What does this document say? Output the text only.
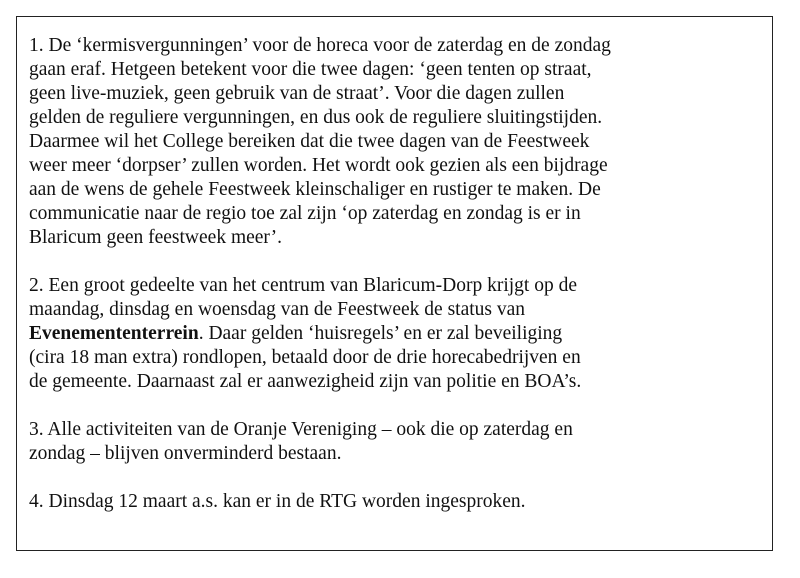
1. De ‘kermisvergunningen’ voor de horeca voor de zaterdag en de zondag
gaan eraf. Hetgeen betekent voor die twee dagen: ‘geen tenten op straat,
geen live-muziek, geen gebruik van de straat’. Voor die dagen zullen
gelden de reguliere vergunningen, en dus ook de reguliere sluitingstijden.
Daarmee wil het College bereiken dat die twee dagen van de Feestweek
weer meer ‘dorpser’ zullen worden. Het wordt ook gezien als een bijdrage
aan de wens de gehele Feestweek kleinschaliger en rustiger te maken. De
communicatie naar de regio toe zal zijn ‘op zaterdag en zondag is er in
Blaricum geen feestweek meer’.
2. Een groot gedeelte van het centrum van Blaricum-Dorp krijgt op de
maandag, dinsdag en woensdag van de Feestweek de status van
Evenemententerrein. Daar gelden ‘huisregels’ en er zal beveiliging
(cira 18 man extra) rondlopen, betaald door de drie horecabedrijven en
de gemeente. Daarnaast zal er aanwezigheid zijn van politie en BOA’s.
3. Alle activiteiten van de Oranje Vereniging – ook die op zaterdag en
zondag – blijven onverminderd bestaan.
4. Dinsdag 12 maart a.s. kan er in de RTG worden ingesproken.
